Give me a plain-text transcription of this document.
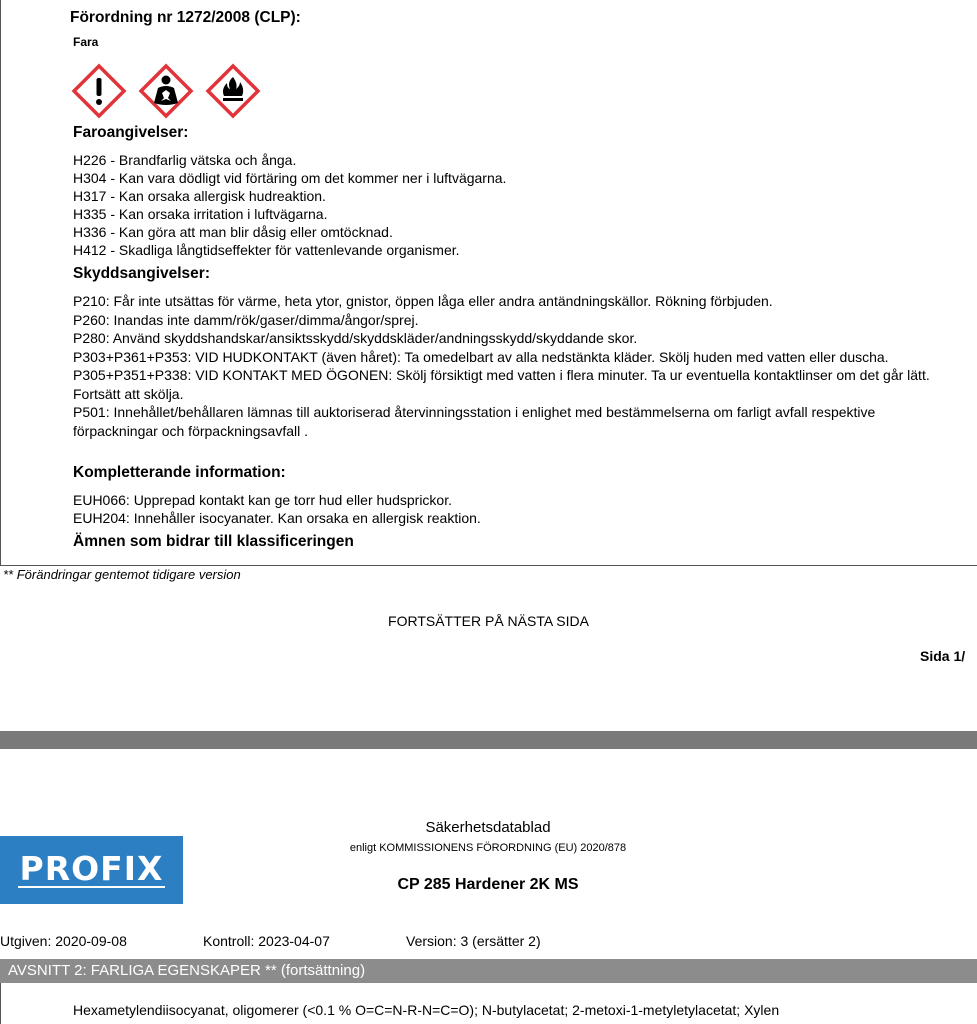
Förordning nr 1272/2008 (CLP):
Fara
Faroangivelser:
H226 - Brandfarlig vätska och ånga.
H304 - Kan vara dödligt vid förtäring om det kommer ner i luftvägarna.
H317 - Kan orsaka allergisk hudreaktion.
H335 - Kan orsaka irritation i luftvägarna.
H336 - Kan göra att man blir dåsig eller omtöcknad.
H412 - Skadliga långtidseffekter för vattenlevande organismer.
Skyddsangivelser:
P210: Får inte utsättas för värme, heta ytor, gnistor, öppen låga eller andra antändningskällor. Rökning förbjuden.
P260: Inandas inte damm/rök/gaser/dimma/ångor/sprej.
P280: Använd skyddshandskar/ansiktsskydd/skyddskläder/andningsskydd/skyddande skor.
P303+P361+P353: VID HUDKONTAKT (även håret): Ta omedelbart av alla nedstänkta kläder. Skölj huden med vatten eller duscha.
P305+P351+P338: VID KONTAKT MED ÖGONEN: Skölj försiktigt med vatten i flera minuter. Ta ur eventuella kontaktlinser om det går lätt. Fortsätt att skölja.
P501: Innehållet/behållaren lämnas till auktoriserad återvinningsstation i enlighet med bestämmelserna om farligt avfall respektive förpackningar och förpackningsavfall .
Kompletterande information:
EUH066: Upprepad kontakt kan ge torr hud eller hudsprickor.
EUH204: Innehåller isocyanater. Kan orsaka en allergisk reaktion.
Ämnen som bidrar till klassificeringen
** Förändringar gentemot tidigare version
FORTSÄTTER PÅ NÄSTA SIDA
Sida 1/
PROFIX
Säkerhetsdatablad
enligt KOMMISSIONENS FÖRORDNING (EU) 2020/878
CP 285 Hardener 2K MS
Utgiven: 2020-09-08	Kontroll: 2023-04-07	Version: 3 (ersätter 2)
AVSNITT 2: FARLIGA EGENSKAPER ** (fortsättning)
Hexametylendiisocyanat, oligomerer (<0.1 % O=C=N-R-N=C=O); N-butylacetat; 2-metoxi-1-metyletylacetat; Xylen
